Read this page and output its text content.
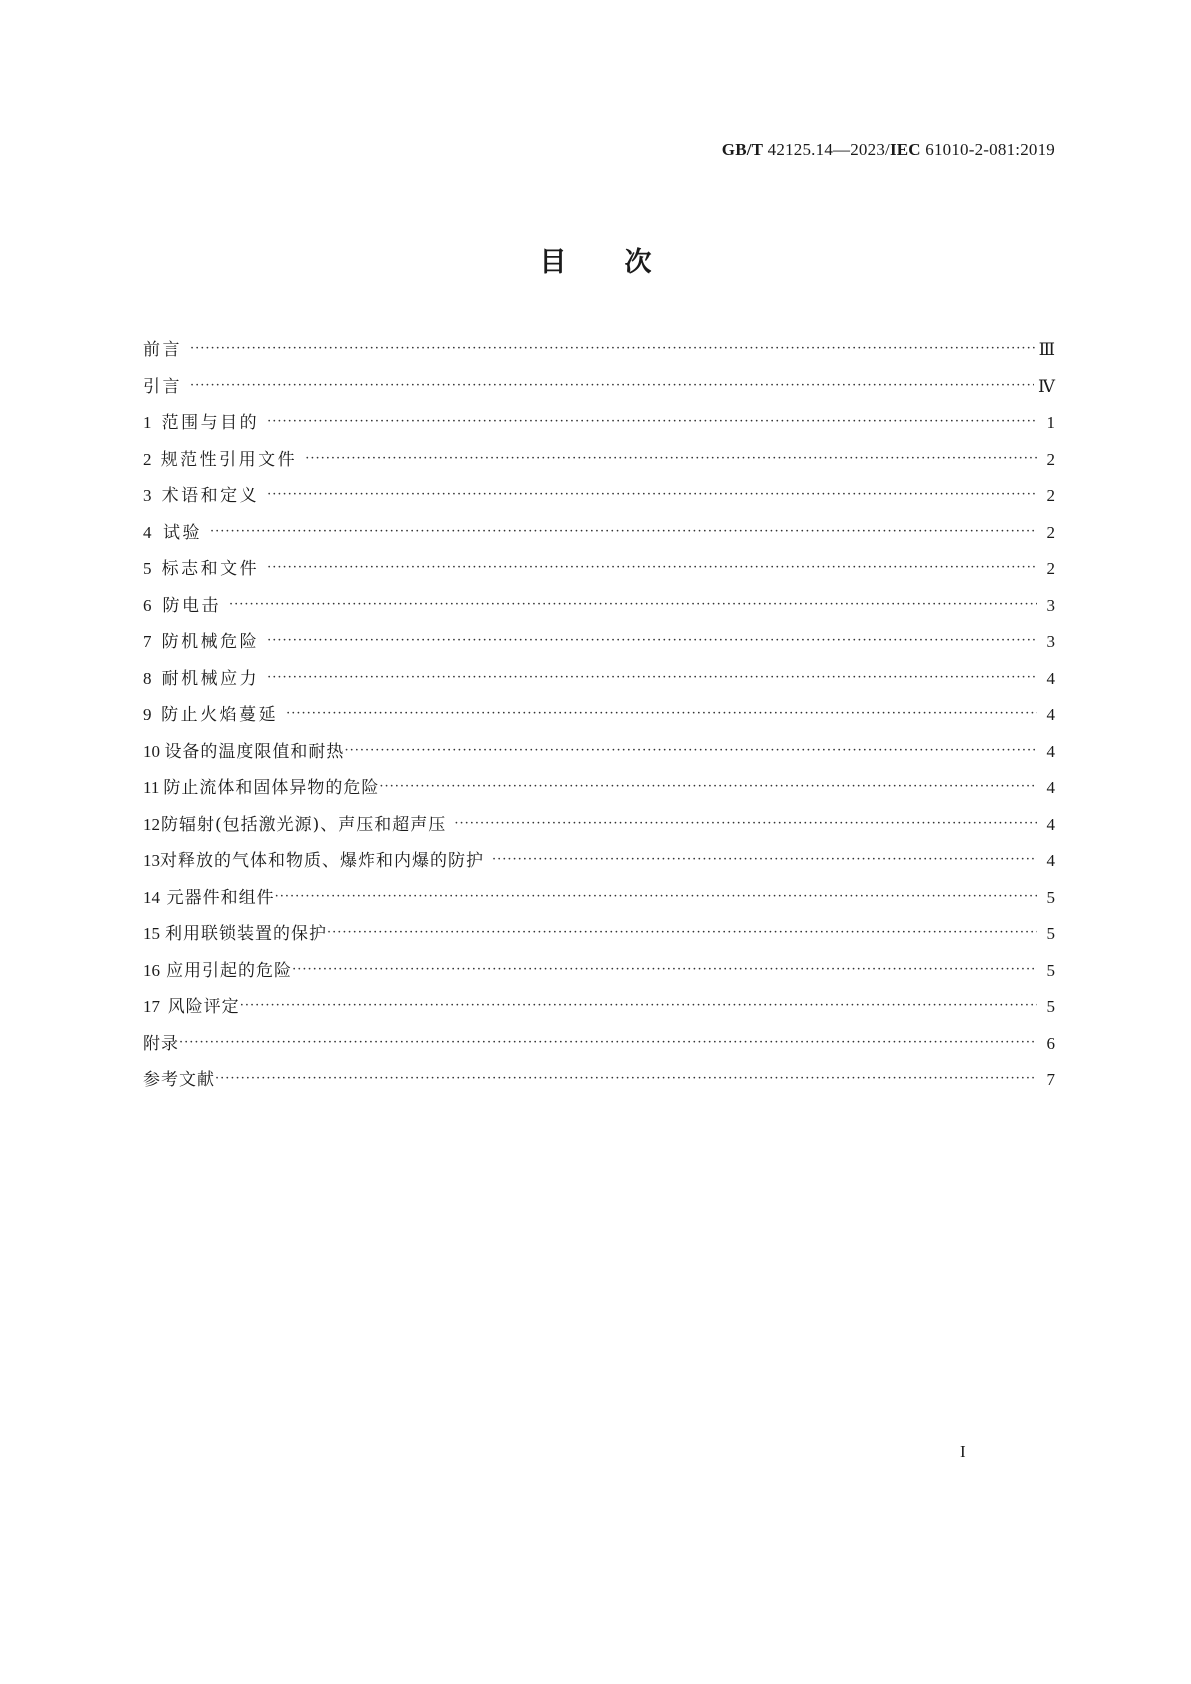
GB/T 42125.14—2023/IEC 61010-2-081:2019
目次
前言 ·····	Ⅲ
引言 ·····	Ⅳ
1 范围与目的 ·····	1
2 规范性引用文件 ·····	2
3 术语和定义 ·····	2
4 试验 ·····	2
5 标志和文件 ·····	2
6 防电击 ·····	3
7 防机械危险 ·····	3
8 耐机械应力 ·····	4
9 防止火焰蔓延 ·····	4
10 设备的温度限值和耐热 ·····	4
11 防止流体和固体异物的危险 ·····	4
12 防辐射(包括激光源)、声压和超声压 ·····	4
13 对释放的气体和物质、爆炸和内爆的防护 ·····	4
14 元器件和组件 ·····	5
15 利用联锁装置的保护 ·····	5
16 应用引起的危险 ·····	5
17 风险评定 ·····	5
附录 ·····	6
参考文献 ·····	7
I
